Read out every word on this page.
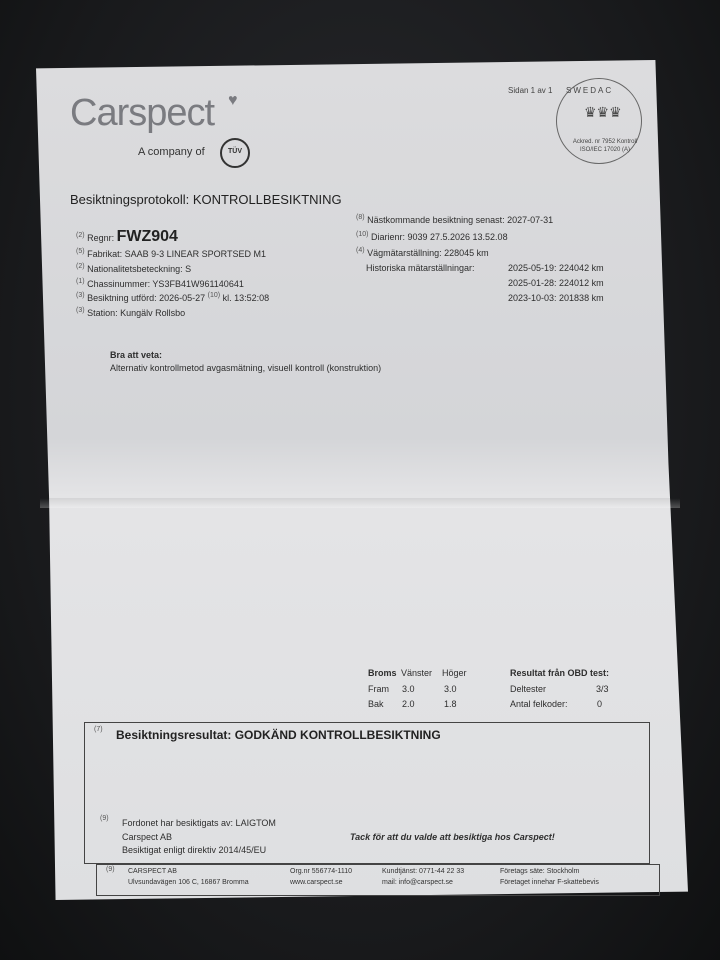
Carspect ♥
A company of	TÜV
Sidan 1 av 1 SWEDAC
♛♛♛
Ackred. nr 7952 Kontroll ISO/IEC 17020 (A)
Besiktningsprotokoll: KONTROLLBESIKTNING
$^{(2)}$ Regnr: FWZ904
$^{(5)}$ Fabrikat: SAAB 9-3 LINEAR SPORTSED M1
$^{(2)}$ Nationalitetsbeteckning: S
$^{(1)}$ Chassinummer: YS3FB41W961140641
$^{(3)}$ Besiktning utförd: 2026-05-27 $^{(10)}$ kl. 13:52:08
$^{(3)}$ Station: Kungälv Rollsbo
$^{(8)}$ Nästkommande besiktning senast: 2027-07-31
$^{(10)}$ Diarienr: 9039 27.5.2026 13.52.08
$^{(4)}$ Vägmätarställning: 228045 km
Historiska mätarställningar:	2025-05-19: 224042 km
2025-01-28: 224012 km
2023-10-03: 201838 km
Bra att veta:
Alternativ kontrollmetod avgasmätning, visuell kontroll (konstruktion)
Broms Vänster Höger
Fram 3.0	3.0
Bak 2.0	1.8
Resultat från OBD test:
Deltester	3/3
Antal felkoder:	0
$^{(7)}$ Besiktningsresultat: GODKÄND KONTROLLBESIKTNING
$^{(9)}$ Fordonet har besiktigats av: LAIGTOM
Carspect AB
Besiktigat enligt direktiv 2014/45/EU
Tack för att du valde att besiktiga hos Carspect!
(9) CARSPECT AB
Ulvsundavägen 106 C, 16867 Bromma
Org.nr 556774-1110
www.carspect.se
Kundtjänst: 0771-44 22 33
mail: info@carspect.se
Företags säte: Stockholm
Företaget innehar F-skattebevis
